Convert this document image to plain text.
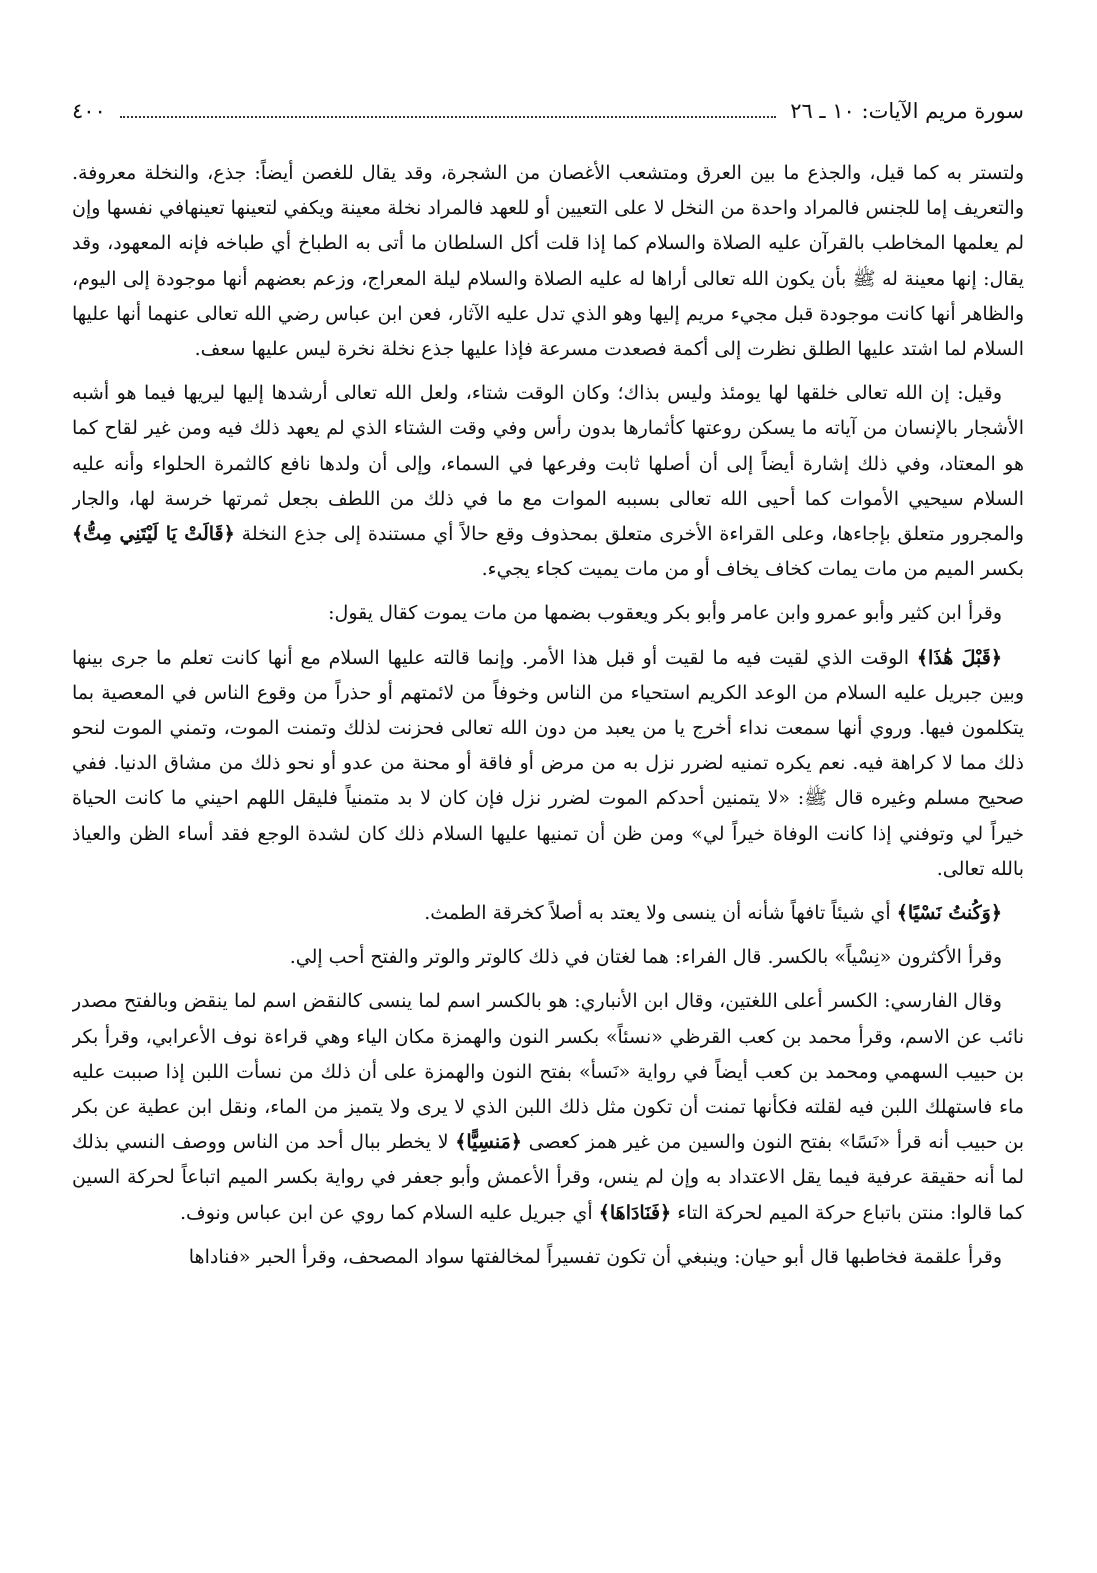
سورة مريم الآيات: ١٠ ـ ٢٦
٤٠٠

ولتستر به كما قيل، والجذع ما بين العرق ومتشعب الأغصان من الشجرة، وقد يقال للغصن أيضاً: جذع، والنخلة معروفة. والتعريف إما للجنس فالمراد واحدة من النخل لا على التعيين أو للعهد فالمراد نخلة معينة ويكفي لتعينها تعينهافي نفسها وإن لم يعلمها المخاطب بالقرآن عليه الصلاة والسلام كما إذا قلت أكل السلطان ما أتى به الطباخ أي طباخه فإنه المعهود، وقد يقال: إنها معينة له ﷺ بأن يكون الله تعالى أراها له عليه الصلاة والسلام ليلة المعراج، وزعم بعضهم أنها موجودة إلى اليوم، والظاهر أنها كانت موجودة قبل مجيء مريم إليها وهو الذي تدل عليه الآثار، فعن ابن عباس رضي الله تعالى عنهما أنها عليها السلام لما اشتد عليها الطلق نظرت إلى أكمة فصعدت مسرعة فإذا عليها جذع نخلة نخرة ليس عليها سعف.

وقيل: إن الله تعالى خلقها لها يومئذ وليس بذاك؛ وكان الوقت شتاء، ولعل الله تعالى أرشدها إليها ليريها فيما هو أشبه الأشجار بالإنسان من آياته ما يسكن روعتها كأثمارها بدون رأس وفي وقت الشتاء الذي لم يعهد ذلك فيه ومن غير لقاح كما هو المعتاد، وفي ذلك إشارة أيضاً إلى أن أصلها ثابت وفرعها في السماء، وإلى أن ولدها نافع كالثمرة الحلواء وأنه عليه السلام سيحيي الأموات كما أحيى الله تعالى بسببه الموات مع ما في ذلك من اللطف بجعل ثمرتها خرسة لها، والجار والمجرور متعلق بإجاءها، وعلى القراءة الأخرى متعلق بمحذوف وقع حالاً أي مستندة إلى جذع النخلة ﴿قَالَتْ يَا لَيْتَنِي مِتُّ﴾ بكسر الميم من مات يمات كخاف يخاف أو من مات يميت كجاء يجيء.

وقرأ ابن كثير وأبو عمرو وابن عامر وأبو بكر ويعقوب بضمها من مات يموت كقال يقول:

﴿قَبْلَ هَٰذَا﴾ الوقت الذي لقيت فيه ما لقيت أو قبل هذا الأمر. وإنما قالته عليها السلام مع أنها كانت تعلم ما جرى بينها وبين جبريل عليه السلام من الوعد الكريم استحياء من الناس وخوفاً من لائمتهم أو حذراً من وقوع الناس في المعصية بما يتكلمون فيها. وروي أنها سمعت نداء أخرج يا من يعبد من دون الله تعالى فحزنت لذلك وتمنت الموت، وتمني الموت لنحو ذلك مما لا كراهة فيه. نعم يكره تمنيه لضرر نزل به من مرض أو فاقة أو محنة من عدو أو نحو ذلك من مشاق الدنيا. ففي صحيح مسلم وغيره قال ﷺ: «لا يتمنين أحدكم الموت لضرر نزل فإن كان لا بد متمنياً فليقل اللهم احيني ما كانت الحياة خيراً لي وتوفني إذا كانت الوفاة خيراً لي» ومن ظن أن تمنيها عليها السلام ذلك كان لشدة الوجع فقد أساء الظن والعياذ بالله تعالى.

﴿وَكُنتُ نَسْيًا﴾ أي شيئاً تافهاً شأنه أن ينسى ولا يعتد به أصلاً كخرقة الطمث.

وقرأ الأكثرون «نِسْياً» بالكسر. قال الفراء: هما لغتان في ذلك كالوتر والوتر والفتح أحب إلي.

وقال الفارسي: الكسر أعلى اللغتين، وقال ابن الأنباري: هو بالكسر اسم لما ينسى كالنقض اسم لما ينقض وبالفتح مصدر نائب عن الاسم، وقرأ محمد بن كعب القرظي «نسئاً» بكسر النون والهمزة مكان الياء وهي قراءة نوف الأعرابي، وقرأ بكر بن حبيب السهمي ومحمد بن كعب أيضاً في رواية «نَسأ» بفتح النون والهمزة على أن ذلك من نسأت اللبن إذا صببت عليه ماء فاستهلك اللبن فيه لقلته فكأنها تمنت أن تكون مثل ذلك اللبن الذي لا يرى ولا يتميز من الماء، ونقل ابن عطية عن بكر بن حبيب أنه قرأ «نَسًا» بفتح النون والسين من غير همز كعصى ﴿مَنسِيًّا﴾ لا يخطر ببال أحد من الناس ووصف النسي بذلك لما أنه حقيقة عرفية فيما يقل الاعتداد به وإن لم ينس، وقرأ الأعمش وأبو جعفر في رواية بكسر الميم اتباعاً لحركة السين كما قالوا: منتن باتباع حركة الميم لحركة التاء ﴿فَنَادَاهَا﴾ أي جبريل عليه السلام كما روي عن ابن عباس ونوف.

وقرأ علقمة فخاطبها قال أبو حيان: وينبغي أن تكون تفسيراً لمخالفتها سواد المصحف، وقرأ الحبر «فناداها
